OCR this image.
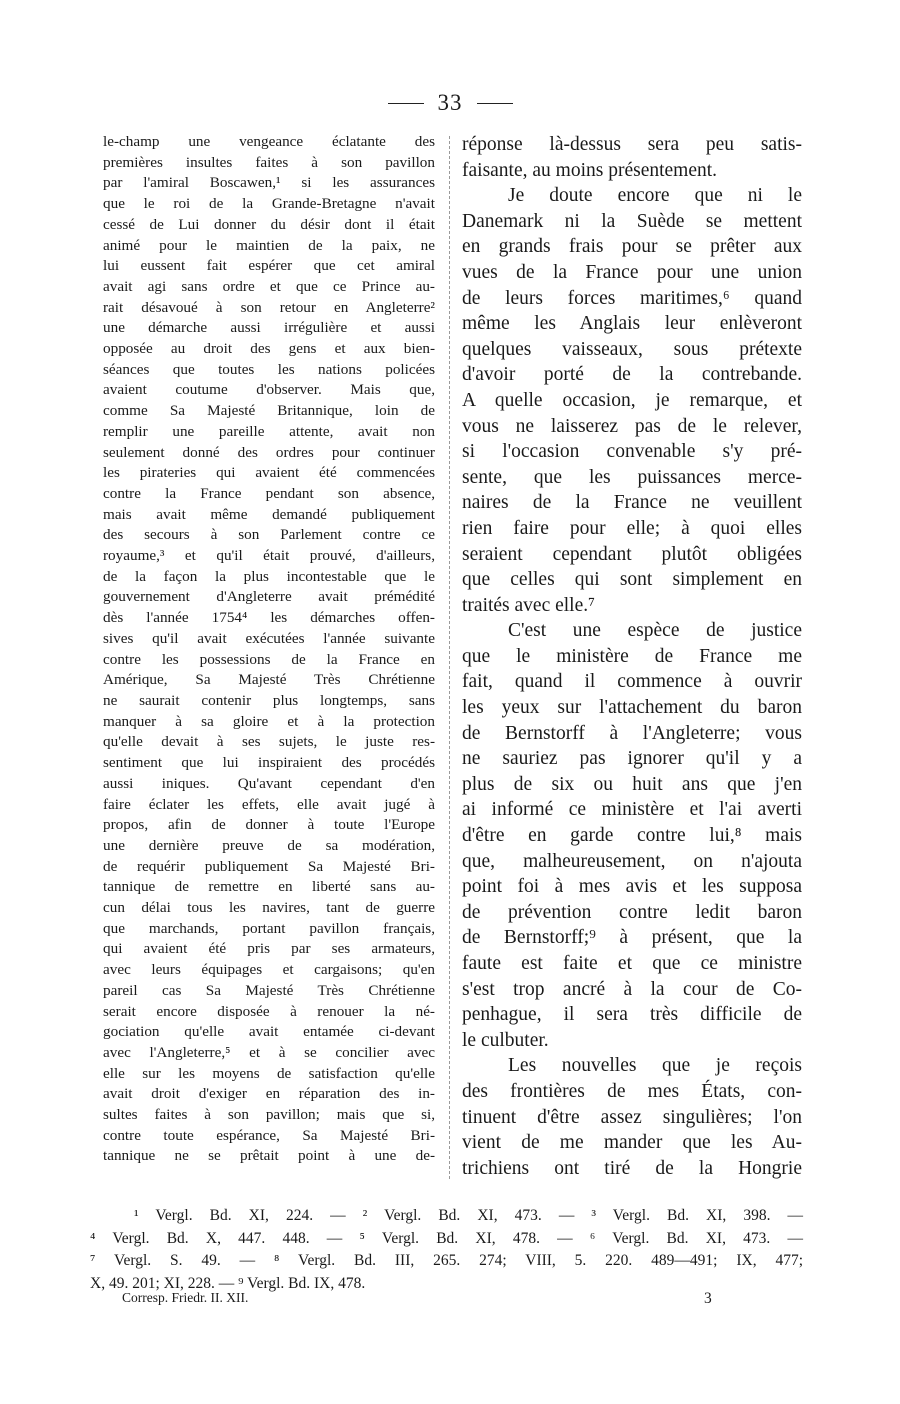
33

le-champ une vengeance éclatante des
premières insultes faites à son pavillon
par l'amiral Boscawen,¹ si les assurances
que le roi de la Grande-Bretagne n'avait
cessé de Lui donner du désir dont il était
animé pour le maintien de la paix, ne
lui eussent fait espérer que cet amiral
avait agi sans ordre et que ce Prince au-
rait désavoué à son retour en Angleterre²
une démarche aussi irrégulière et aussi
opposée au droit des gens et aux bien-
séances que toutes les nations policées
avaient coutume d'observer. Mais que,
comme Sa Majesté Britannique, loin de
remplir une pareille attente, avait non
seulement donné des ordres pour continuer
les pirateries qui avaient été commencées
contre la France pendant son absence,
mais avait même demandé publiquement
des secours à son Parlement contre ce
royaume,³ et qu'il était prouvé, d'ailleurs,
de la façon la plus incontestable que le
gouvernement d'Angleterre avait prémédité
dès l'année 1754⁴ les démarches offen-
sives qu'il avait exécutées l'année suivante
contre les possessions de la France en
Amérique, Sa Majesté Très Chrétienne
ne saurait contenir plus longtemps, sans
manquer à sa gloire et à la protection
qu'elle devait à ses sujets, le juste res-
sentiment que lui inspiraient des procédés
aussi iniques. Qu'avant cependant d'en
faire éclater les effets, elle avait jugé à
propos, afin de donner à toute l'Europe
une dernière preuve de sa modération,
de requérir publiquement Sa Majesté Bri-
tannique de remettre en liberté sans au-
cun délai tous les navires, tant de guerre
que marchands, portant pavillon français,
qui avaient été pris par ses armateurs,
avec leurs équipages et cargaisons; qu'en
pareil cas Sa Majesté Très Chrétienne
serait encore disposée à renouer la né-
gociation qu'elle avait entamée ci-devant
avec l'Angleterre,⁵ et à se concilier avec
elle sur les moyens de satisfaction qu'elle
avait droit d'exiger en réparation des in-
sultes faites à son pavillon; mais que si,
contre toute espérance, Sa Majesté Bri-
tannique ne se prêtait point à une de-

réponse là-dessus sera peu satis-
faisante, au moins présentement.

Je doute encore que ni le
Danemark ni la Suède se mettent
en grands frais pour se prêter aux
vues de la France pour une union
de leurs forces maritimes,⁶ quand
même les Anglais leur enlèveront
quelques vaisseaux, sous prétexte
d'avoir porté de la contrebande.
A quelle occasion, je remarque, et
vous ne laisserez pas de le relever,
si l'occasion convenable s'y pré-
sente, que les puissances merce-
naires de la France ne veuillent
rien faire pour elle; à quoi elles
seraient cependant plutôt obligées
que celles qui sont simplement en
traités avec elle.⁷

C'est une espèce de justice
que le ministère de France me
fait, quand il commence à ouvrir
les yeux sur l'attachement du baron
de Bernstorff à l'Angleterre; vous
ne sauriez pas ignorer qu'il y a
plus de six ou huit ans que j'en
ai informé ce ministère et l'ai averti
d'être en garde contre lui,⁸ mais
que, malheureusement, on n'ajouta
point foi à mes avis et les supposa
de prévention contre ledit baron
de Bernstorff;⁹ à présent, que la
faute est faite et que ce ministre
s'est trop ancré à la cour de Co-
penhague, il sera très difficile de
le culbuter.

Les nouvelles que je reçois
des frontières de mes États, con-
tinuent d'être assez singulières; l'on
vient de me mander que les Au-
trichiens ont tiré de la Hongrie

¹ Vergl. Bd. XI, 224. — ² Vergl. Bd. XI, 473. — ³ Vergl. Bd. XI, 398. —
⁴ Vergl. Bd. X, 447. 448. — ⁵ Vergl. Bd. XI, 478. — ⁶ Vergl. Bd. XI, 473. —
⁷ Vergl. S. 49. — ⁸ Vergl. Bd. III, 265. 274; VIII, 5. 220. 489—491; IX, 477;
X, 49. 201; XI, 228. — ⁹ Vergl. Bd. IX, 478.
Corresp. Friedr. II. XII.	3
